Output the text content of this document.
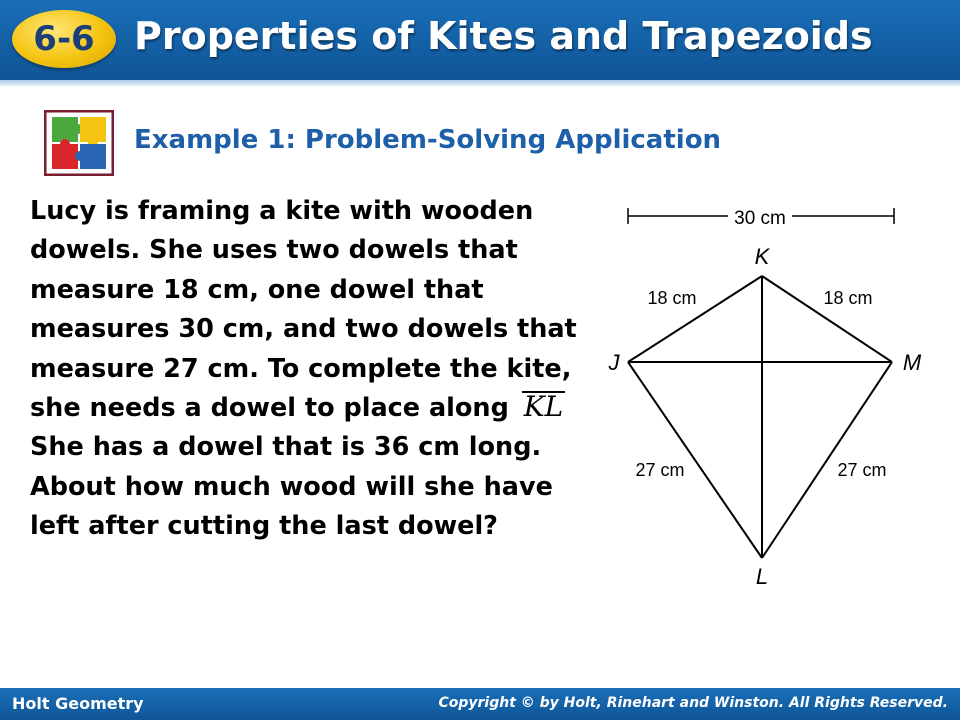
6-6	Properties of Kites and Trapezoids
Example 1: Problem-Solving Application
Lucy is framing a kite with wooden dowels. She uses two dowels that measure 18 cm, one dowel that measures 30 cm, and two dowels that measure 27 cm. To complete the kite, she needs a dowel to place along KL She has a dowel that is 36 cm long. About how much wood will she have left after cutting the last dowel?
30 cm
K
J	M
L
18 cm	18 cm
27 cm	27 cm
Holt Geometry	Copyright © by Holt, Rinehart and Winston. All Rights Reserved.
